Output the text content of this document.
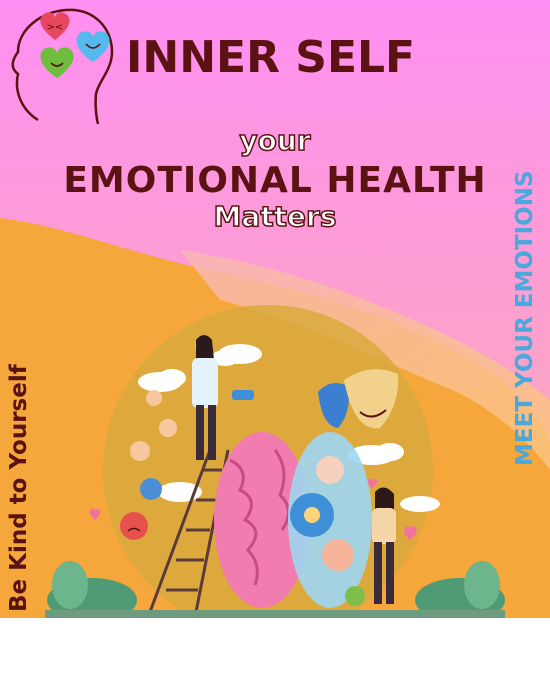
><
INNER SELF
your
EMOTIONAL HEALTH
Matters
Be Kind to Yourself
MEET YOUR EMOTIONS
